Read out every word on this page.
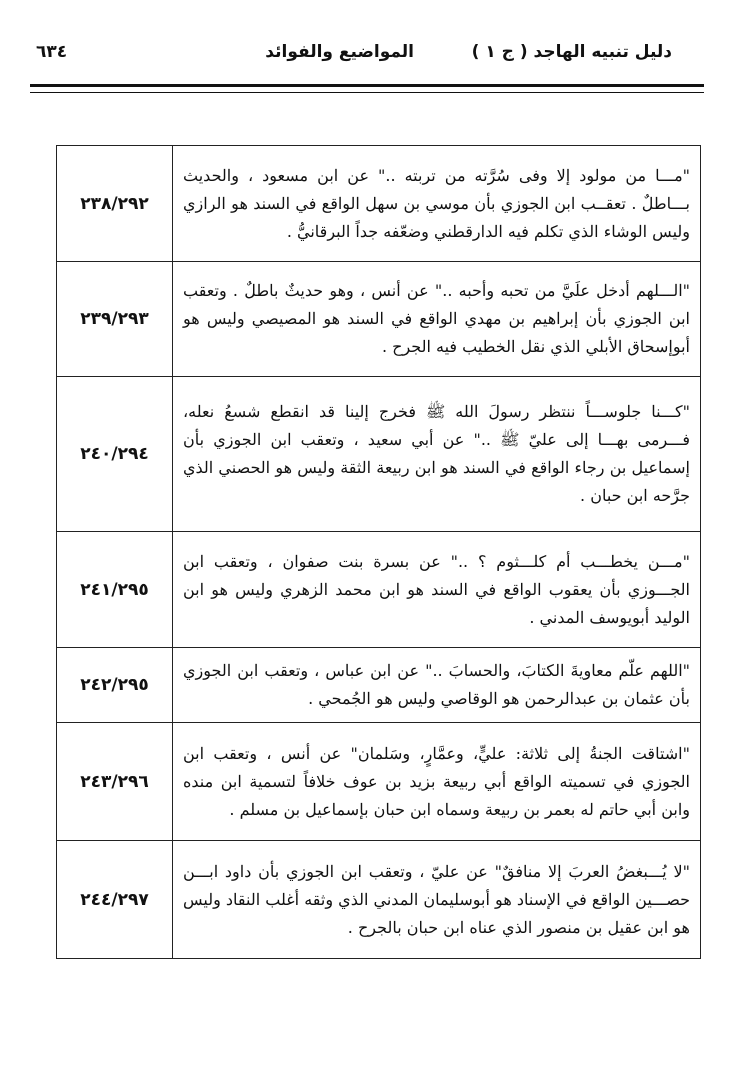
دليل تنبيه الهاجد ( ج ١ )
المواضيع والفوائد
٦٣٤
"مـــا من مولود إلا وفى سُرَّته من تربته .." عن ابن مسعود ، والحديث بـــاطلٌ . تعقــب ابن الجوزي بأن موسي بن سهل الواقع في السند هو الرازي وليس الوشاء الذي تكلم فيه الدارقطني وضعّفه جداً البرقانيُّ .	٢٣٨/٢٩٢
"الـــلهم أدخل علَيَّ من تحبه وأحبه .." عن أنس ، وهو حديثٌ باطلٌ . وتعقب ابن الجوزي بأن إبراهيم بن مهدي الواقع في السند هو المصيصي وليس هو أبوإسحاق الأبلي الذي نقل الخطيب فيه الجرح .	٢٣٩/٢٩٣
"كـــنا جلوســـاً ننتظر رسولَ الله ﷺ فخرج إلينا قد انقطع شسعُ نعله، فـــرمى بهـــا إلى عليّ ﷺ .." عن أبي سعيد ، وتعقب ابن الجوزي بأن إسماعيل بن رجاء الواقع في السند هو ابن ربيعة الثقة وليس هو الحصني الذي جرَّحه ابن حبان .	٢٤٠/٢٩٤
"مـــن يخطـــب أم كلـــثوم ؟ .." عن بسرة بنت صفوان ، وتعقب ابن الجـــوزي بأن يعقوب الواقع في السند هو ابن محمد الزهري وليس هو ابن الوليد أبويوسف المدني .	٢٤١/٢٩٥
"اللهم علّم معاويةَ الكتابَ، والحسابَ .." عن ابن عباس ، وتعقب ابن الجوزي بأن عثمان بن عبدالرحمن هو الوقاصي وليس هو الجُمحي .	٢٤٢/٢٩٥
"اشتاقت الجنةُ إلى ثلاثة: عليٍّ، وعمَّارٍ، وسَلمان" عن أنس ، وتعقب ابن الجوزي في تسميته الواقع أبي ربيعة بزيد بن عوف خلافاً لتسمية ابن منده وابن أبي حاتم له بعمر بن ربيعة وسماه ابن حبان بإسماعيل بن مسلم .	٢٤٣/٢٩٦
"لا يُـــبغضُ العربَ إلا منافقٌ" عن عليّ ، وتعقب ابن الجوزي بأن داود ابـــن حصـــين الواقع في الإسناد هو أبوسليمان المدني الذي وثقه أغلب النقاد وليس هو ابن عقيل بن منصور الذي عناه ابن حبان بالجرح .	٢٤٤/٢٩٧
